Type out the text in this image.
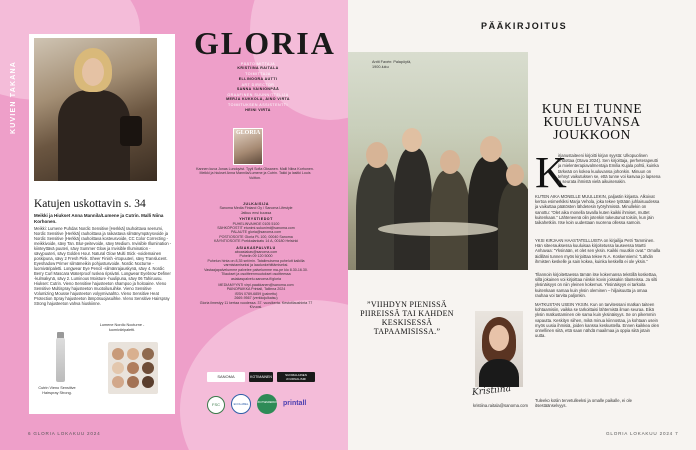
KUVIEN TAKANA
Katujen uskottavin s. 34
Meikki ja Hiukset Anna Mannila/Lumene ja Cutrin. Malli Niina Korhonen.
Meikki: Lumene Puhdas Nordic Sensitive [Herkkä] rauhoittava seerumi, Nordic Sensitive [Herkkä] rauhoittava ja raikastava silmänympärysvoide ja Nordic Sensitive [Herkkä] rauhoittava kosteusvoide, CC Color Correcting -meikkivoide, sävy Tan. Blur-peitevoide, sävy Medium. Invisible Illumination -kiinteyttävä puuteri, sävy Summer Glow ja Invisible Illumination -sävypuuteri, sävy Golden Hour. Natural Glow Multi Stick -voidemainen poskipuna, sävy 2 Fresh Pink. Sheer Finish -irtopuuteri, sävy Translucent. Eyeshadow Primer silmämeikin pohjustusvoide. Nordic Nocturne -luomiväripaletti. Longwear Eye Pencil -silmänrajauskynä, sävy 4. Nordic Berry Curl Mascara Waterproof ruskea ripsiväri. Longwear Eyebrow Definer -kulmakynä, sävy 2. Luminous Moisture -huulipuna, sävy 06 Tahiruusu. Hiukset: Cutrin. Vieno Sensitive hajusteeton shampoo ja hoitoaine. Vieno Sensitive Multispray hajusteeton muotoilusuihke. Vieno Sensitive Volumizing Mousse hajusteeton volyymivaahto. Vieno Sensitive Heat Protection Spray hajusteeton lämpösuojasuihke. Vieno Sensitive Hairspray Strong hajusteeton vahva hiuskiinne.
Lumene Nordic Nocturne -luomiväripaletti.
Cutrin Vieno Sensitive Hairspray Strong.
GLORIA
PÄÄTOIMITTAJA
KRISTIINA RAITALA
TOIMITTAJA
ELLINOORA AUTTI
ART DIRECTOR
SANNA VAINIONPÄÄ
GRAAFINEN SUUNNITTELIJA
MERJA KUKKOLA, AINO VIRTA
TOIMITUKSEN ASSISTENTTI
HEINI VIRTA
GLORIA
Kannen kuva Jonas Lundqvist. Tyyli Sofia Oksanen. Malli Niina Korhonen. Meikki ja hiukset Anna Mannila/Lumene ja Cutrin. Takki ja lasitki Louis Vuitton.
JULKAISIJA
Sanoma Media Finland Oy / Sanoma Lifestyle
Jatkuu ensi kuussa
YHTEYSTIEDOT
PUHELINVAIHDE 0105 5100
SÄHKÖPOSTIT etunimi.sukunimi@sanoma.com
PALAUTE gloria@sanoma.com
POSTIOSOITE Gloria PL 100, 00040 Sanoma
KÄYNTIOSOITE Porkkalankatu 14 A, 00180 Helsinki
ASIAKASPALVELU
aboasiakas@sanoma.com
Puhelin 09 120 5000
Puhelun hinta on 8,35 snt/min. Tatalimuisena puhelutt kaikilla varmistamiseksi ja laadunkehittämiseksi.
Vastaajapalvelumme palvelee palvelumme ma-pe klo 8.30-16.30.
Tilaukset ja osoitteenmuutokset osoitteessa asiakaspalvelu.sanoma.fi/gloria
MEDIAMYYNTI virpi.paakkanen@sanoma.com
PAINOPAIKKA Printall, Tallinna 2024
ISSN 0789-6859 (painettu)
2669-9567 (verkkojulkaisu)
Gloria ilmestyy 11 kertaa vuodessa. 37. vuosikerta. Kestotilaushinta 77 €/vuosi.
SANOMA	KOTIMAINEN
SUOMALAINEN JOURNALISMI
FSC	ECOLABEL	JOUTSENMERKKI printall
6 GLORIA LOKAKUU 2024
PÄÄKIRJOITUS
Antti Favén: Palapöytä, 1900-luku
KUN EI TUNNE KUULUVANSA JOUKKOON
K
irjanustaiteeni kirjoitti kirjan syystä: Ulkopuolinen ehdottaa (Otava 2024). Sen kirjoittaja, perheterapeutti ja mielenterapiavalmentaja Emilia Kujala pohtii, kuinka tärkeää on kokea kuuluvansa johonkin. Minuun on tehnyt vaikutuksen se, että tunne voi kasvaa jo lapsena ja seurata ihmistä vielä aikuisenakin.
KUTEN AIKA MONELLE MUULLEKIN, paljastin kirjasta. Alkoivat kertoa esimerkiksi Marja Vehola, joka tekee työtään juhlaisuudessa ja vaikuttaa päätösten lähdetesin työryhmissä. Minullekin on sanottu: ”Olet aika monella tavalla kuten kaikki ihmiset, muttet kuitenkaan.” Lähteneenä olin jotenkin tukeutunut toisiin, kun jäin taikahetkiin. Itse koin uudestaan nuorena ollessa samoin.
YKSI KIRJAAN HAASTATELLUISTA on kirjailija Petri Tamminen. Hän siteerauksessa kuuluisaa kirjoitetussa lauseessa Martti Anhavaa: ”Yksinään, et olet sen yksin. Kaikki muutkin ovat.” Omalla äidilläni tunnen myös kirjoittaa tekee N.A. Koskenniemi: ”Lähdin ihmisten keskelle ja sain kokea, kuinka keskellä ei ole yksin.”
Tilannoin kirjoitettaessa tämän itse kokemansa tekstillä koskettaa, sillä jokainen voi kirjoittaa niinkin kovin joissakin tilanteissa. Ja silti yksinäisyys on niin yleinen kokemus. Yksinäisyys ei tarkoita kuitenkaan samaa kuin yksin oleminen – hiljaisuutta ja omaa rauhaa voi tarvita paljonkin.
MATKUSTAN USEIN YKSIN. Kun on tarvitessani matkan taiteen kohtaamisiin, vaikka se tarkoittaisi lähtemistä ilman seuraa. Eikä yksin matkustaminen ole sama kuin yksinäisyys. Se on pikemmin vapautta. Keskityn siihen, mikä minua kiinnostaa, ja kohtaan usein myös uusia ihmisiä, joiden kanssa keskustella. Ennen kaikkea olen onnellinen siitä, että saan nähdä maailmaa ja oppia siitä jotain uutta.
Tuleeko kotiin tervetulleeksi ja omalle paikalle, ei ole itsestäänselvyys.
”VIIHDYN PIENISSÄ PIIREISSÄ TAI KAHDEN KESKISESSÄ TAPAAMISISSA.”
Kristiina
kristiina.raitala@sanoma.com
GLORIA LOKAKUU 2024 7
